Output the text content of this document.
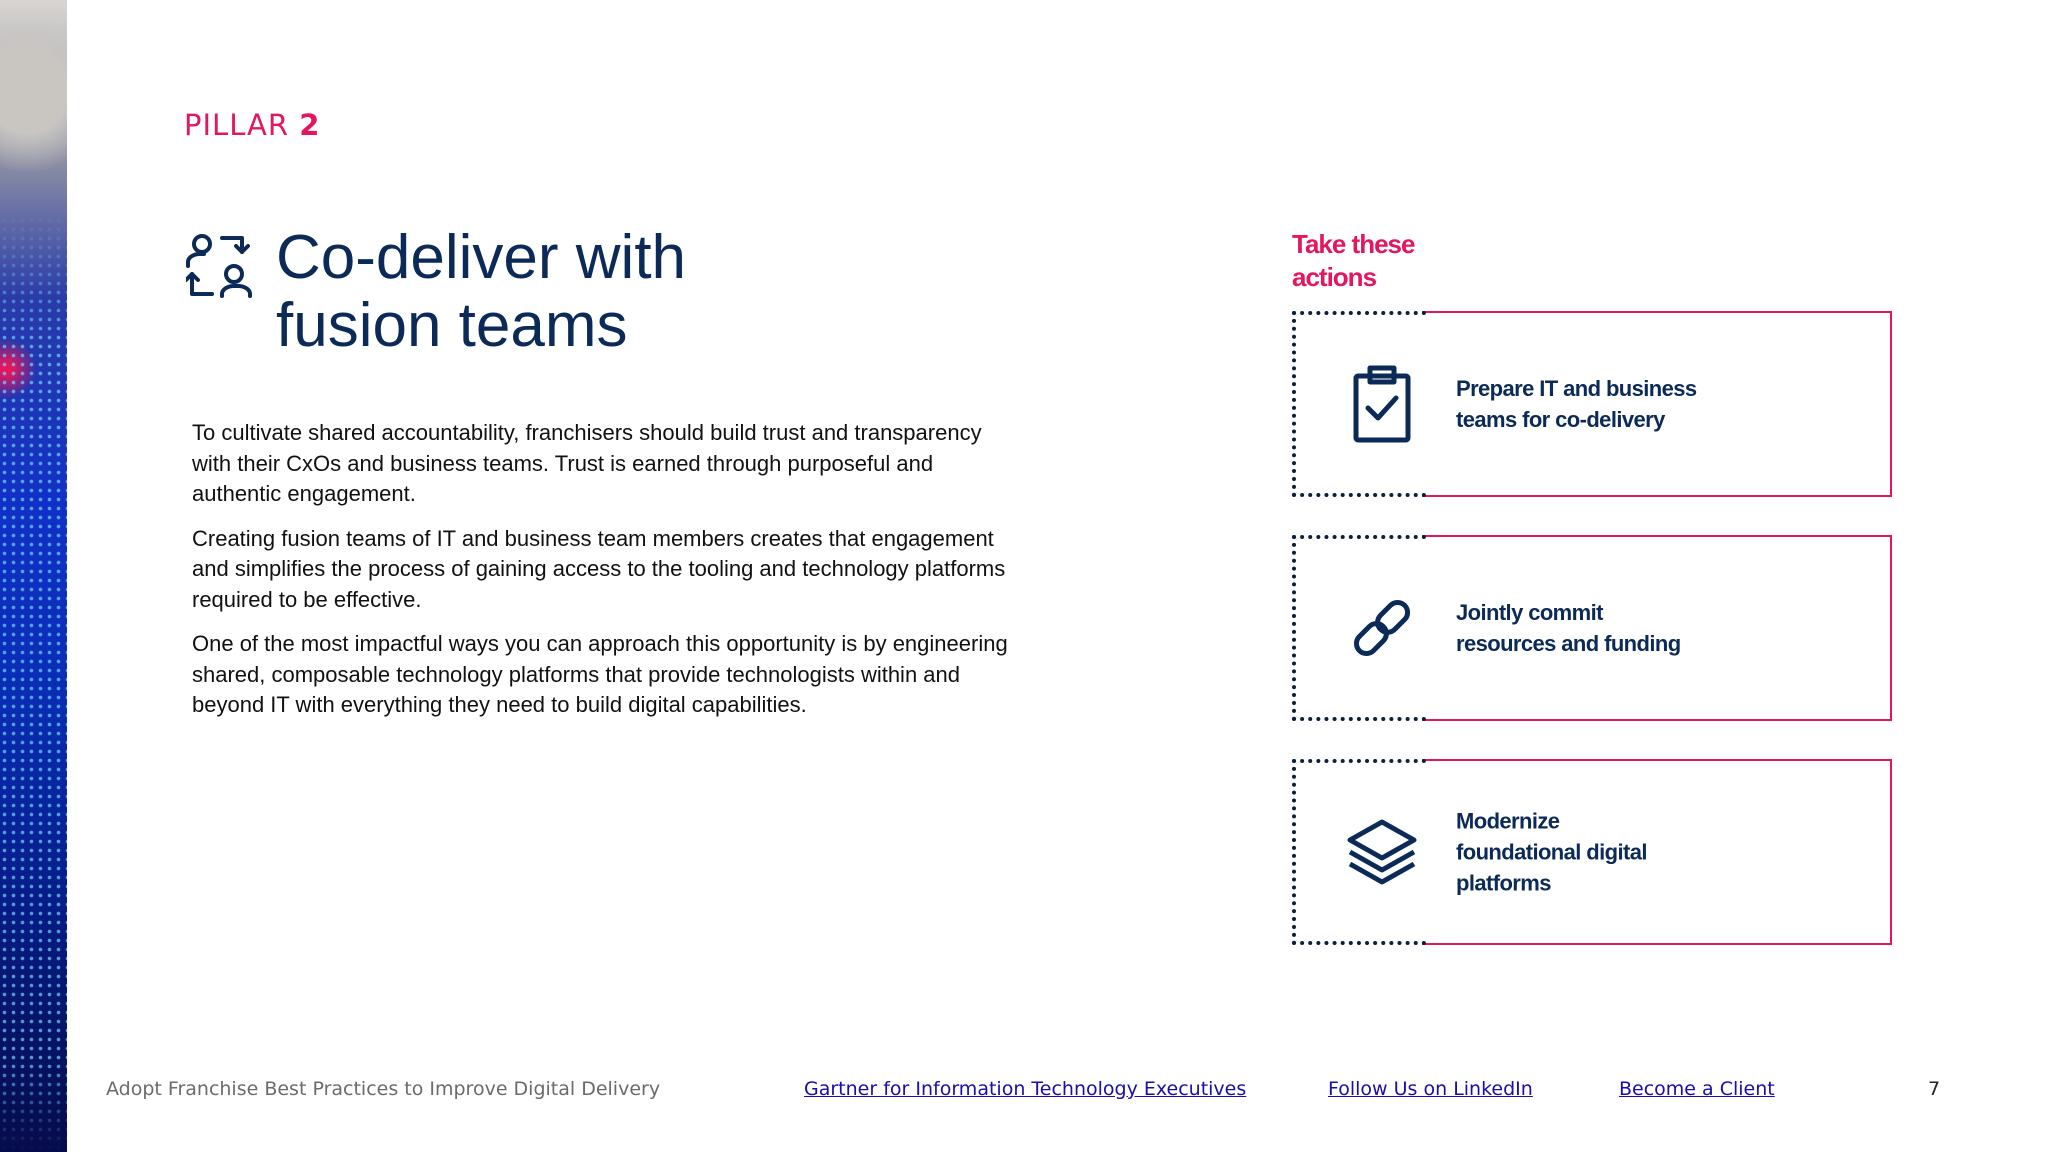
PILLAR 2
Co-deliver with
fusion teams

To cultivate shared accountability, franchisers should build trust and transparency with their CxOs and business teams. Trust is earned through purposeful and authentic engagement.

Creating fusion teams of IT and business team members creates that engagement and simplifies the process of gaining access to the tooling and technology platforms required to be effective.

One of the most impactful ways you can approach this opportunity is by engineering shared, composable technology platforms that provide technologists within and beyond IT with everything they need to build digital capabilities.

Take these
actions
Prepare IT and business
teams for co-delivery
Jointly commit
resources and funding
Modernize
foundational digital
platforms
Adopt Franchise Best Practices to Improve Digital Delivery	Gartner for Information Technology Executives	Follow Us on LinkedIn	Become a Client	7
